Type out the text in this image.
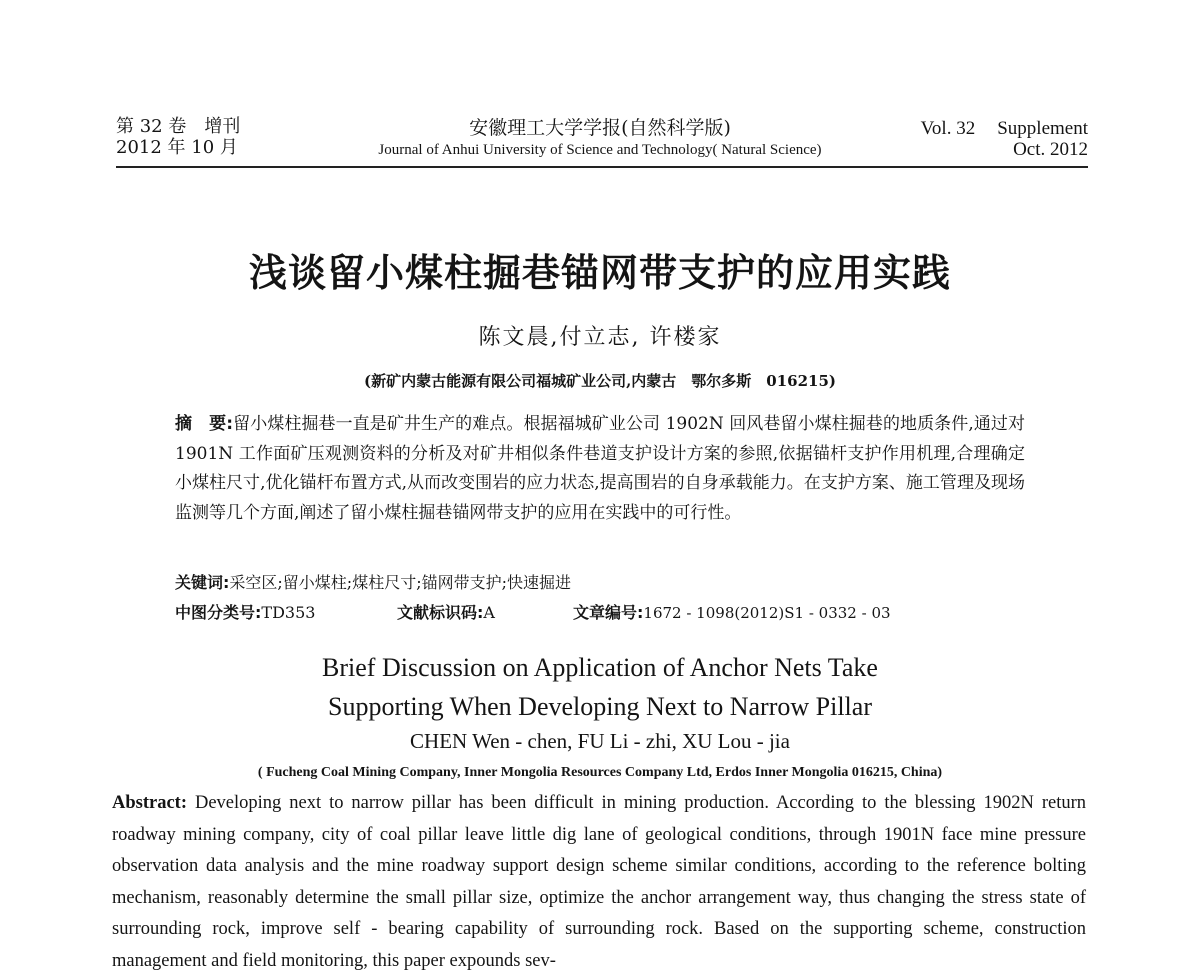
第 32 卷　增刊
2012 年 10 月
安徽理工大学学报(自然科学版)
Journal of Anhui University of Science and Technology( Natural Science)
Vol. 32 Supplement
Oct. 2012
浅谈留小煤柱掘巷锚网带支护的应用实践
陈文晨,付立志, 许楼家
(新矿内蒙古能源有限公司福城矿业公司,内蒙古　鄂尔多斯　016215)
摘　要:留小煤柱掘巷一直是矿井生产的难点。根据福城矿业公司 1902N 回风巷留小煤柱掘巷的地质条件,通过对 1901N 工作面矿压观测资料的分析及对矿井相似条件巷道支护设计方案的参照,依据锚杆支护作用机理,合理确定小煤柱尺寸,优化锚杆布置方式,从而改变围岩的应力状态,提高围岩的自身承载能力。在支护方案、施工管理及现场监测等几个方面,阐述了留小煤柱掘巷锚网带支护的应用在实践中的可行性。
关键词:采空区;留小煤柱;煤柱尺寸;锚网带支护;快速掘进
中图分类号:TD353	文献标识码:A	文章编号:1672 - 1098(2012)S1 - 0332 - 03
Brief Discussion on Application of Anchor Nets Take
Supporting When Developing Next to Narrow Pillar
CHEN Wen - chen, FU Li - zhi, XU Lou - jia
( Fucheng Coal Mining Company, Inner Mongolia Resources Company Ltd, Erdos Inner Mongolia 016215, China)
Abstract: Developing next to narrow pillar has been difficult in mining production. According to the blessing 1902N return roadway mining company, city of coal pillar leave little dig lane of geological conditions, through 1901N face mine pressure observation data analysis and the mine roadway support design scheme similar conditions, according to the reference bolting mechanism, reasonably determine the small pillar size, optimize the anchor arrangement way, thus changing the stress state of surrounding rock, improve self - bearing capability of surrounding rock. Based on the supporting scheme, construction management and field monitoring, this paper expounds sev-
